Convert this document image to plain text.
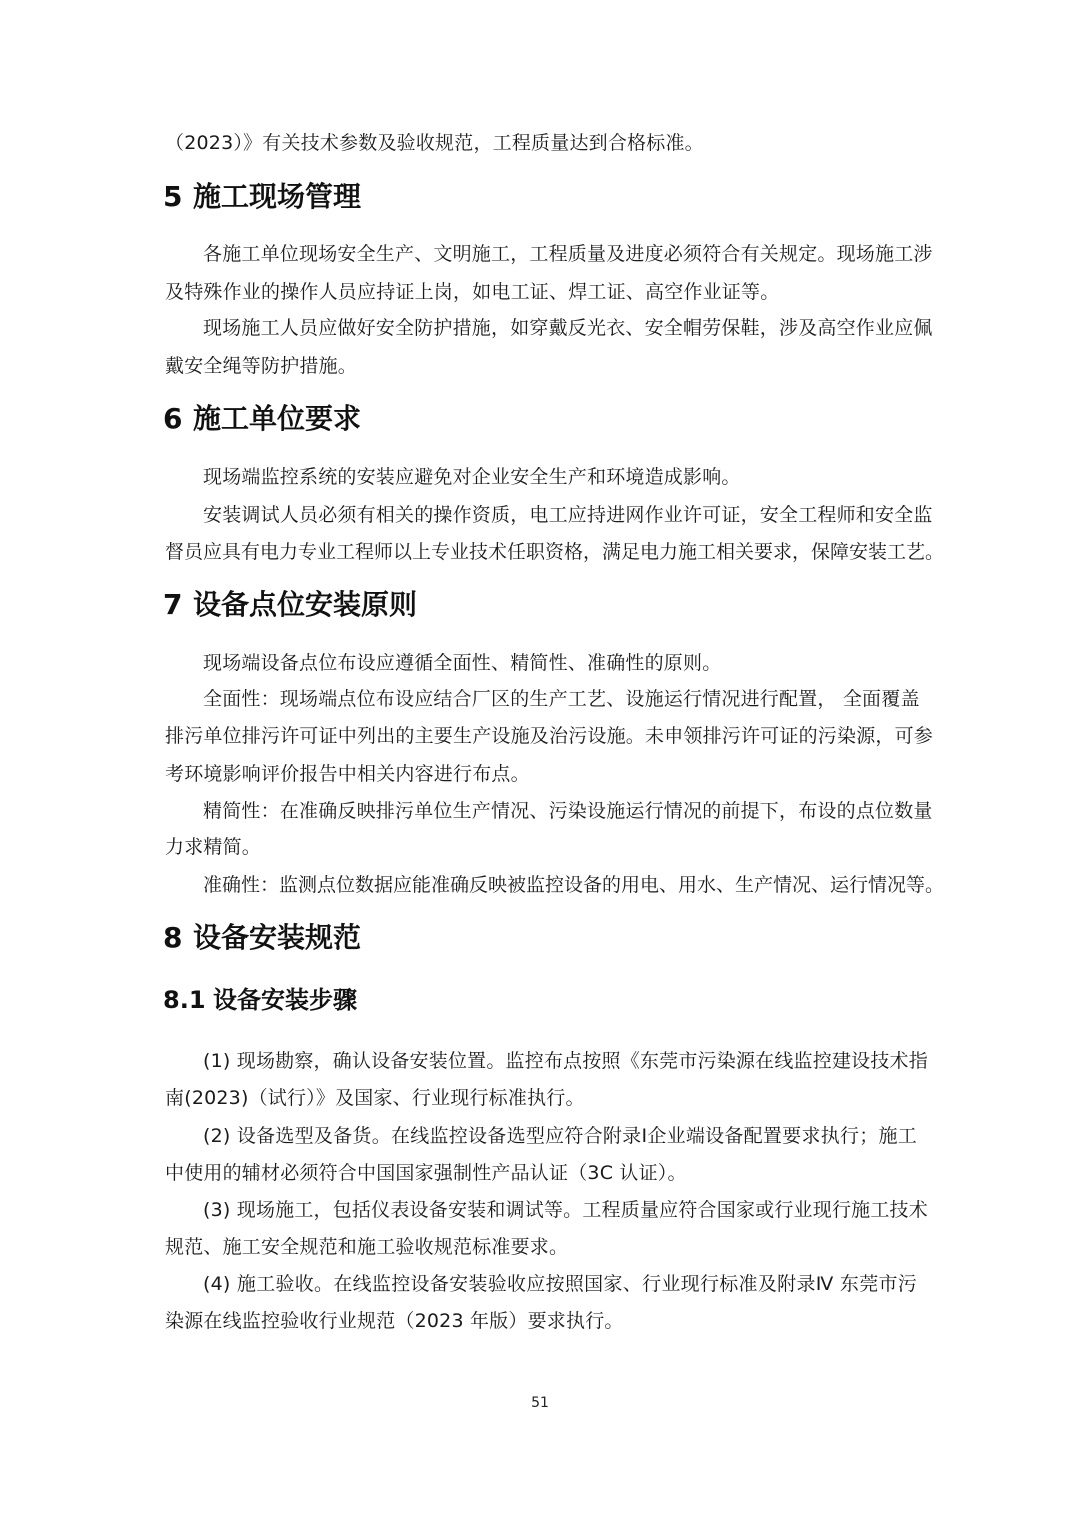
（2023）》有关技术参数及验收规范，工程质量达到合格标准。
5 施工现场管理
各施工单位现场安全生产、文明施工，工程质量及进度必须符合有关规定。现场施工涉
及特殊作业的操作人员应持证上岗，如电工证、焊工证、高空作业证等。
现场施工人员应做好安全防护措施，如穿戴反光衣、安全帽劳保鞋，涉及高空作业应佩
戴安全绳等防护措施。
6 施工单位要求
现场端监控系统的安装应避免对企业安全生产和环境造成影响。
安装调试人员必须有相关的操作资质，电工应持进网作业许可证，安全工程师和安全监
督员应具有电力专业工程师以上专业技术任职资格，满足电力施工相关要求，保障安装工艺。
7 设备点位安装原则
现场端设备点位布设应遵循全面性、精简性、准确性的原则。
全面性：现场端点位布设应结合厂区的生产工艺、设施运行情况进行配置， 全面覆盖
排污单位排污许可证中列出的主要生产设施及治污设施。未申领排污许可证的污染源，可参
考环境影响评价报告中相关内容进行布点。
精简性：在准确反映排污单位生产情况、污染设施运行情况的前提下，布设的点位数量
力求精简。
准确性：监测点位数据应能准确反映被监控设备的用电、用水、生产情况、运行情况等。
8 设备安装规范
8.1 设备安装步骤
(1) 现场勘察，确认设备安装位置。监控布点按照《东莞市污染源在线监控建设技术指
南(2023)（试行）》及国家、行业现行标准执行。
(2) 设备选型及备货。在线监控设备选型应符合附录Ⅰ企业端设备配置要求执行；施工
中使用的辅材必须符合中国国家强制性产品认证（3C 认证）。
(3) 现场施工，包括仪表设备安装和调试等。工程质量应符合国家或行业现行施工技术
规范、施工安全规范和施工验收规范标准要求。
(4) 施工验收。在线监控设备安装验收应按照国家、行业现行标准及附录Ⅳ 东莞市污
染源在线监控验收行业规范（2023 年版）要求执行。
51
